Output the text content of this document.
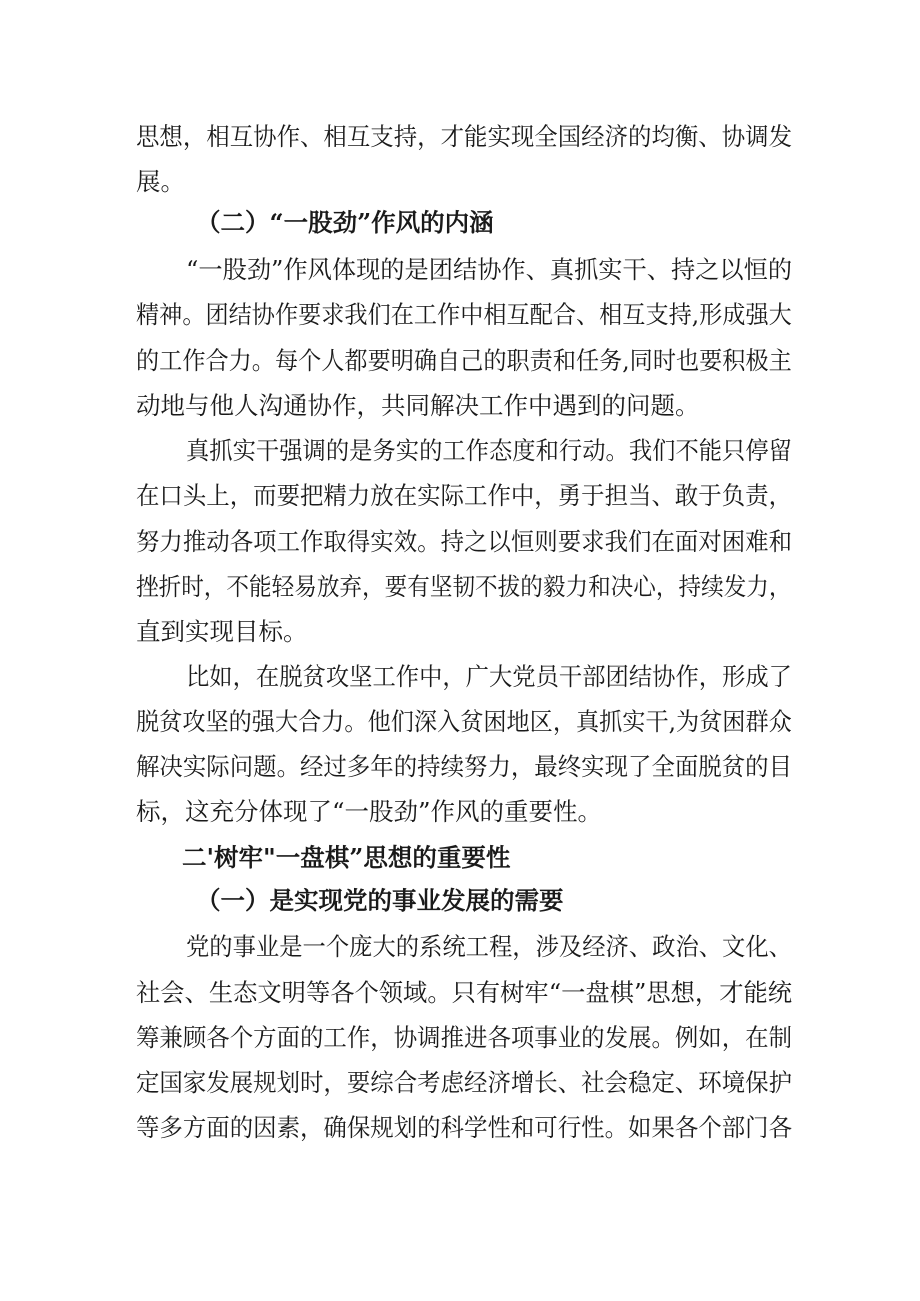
思想，相互协作、相互支持，才能实现全国经济的均衡、协调发
展。
（二）“一股劲”作风的内涵
“一股劲”作风体现的是团结协作、真抓实干、持之以恒的
精神。团结协作要求我们在工作中相互配合、相互支持,形成强大
的工作合力。每个人都要明确自己的职责和任务,同时也要积极主
动地与他人沟通协作，共同解决工作中遇到的问题。
真抓实干强调的是务实的工作态度和行动。我们不能只停留
在口头上，而要把精力放在实际工作中，勇于担当、敢于负责，
努力推动各项工作取得实效。持之以恒则要求我们在面对困难和
挫折时，不能轻易放弃，要有坚韧不拔的毅力和决心，持续发力，
直到实现目标。
比如，在脱贫攻坚工作中，广大党员干部团结协作，形成了
脱贫攻坚的强大合力。他们深入贫困地区，真抓实干,为贫困群众
解决实际问题。经过多年的持续努力，最终实现了全面脱贫的目
标，这充分体现了“一股劲”作风的重要性。
二'树牢"一盘棋”思想的重要性
（一）是实现党的事业发展的需要
党的事业是一个庞大的系统工程，涉及经济、政治、文化、
社会、生态文明等各个领域。只有树牢“一盘棋”思想，才能统
筹兼顾各个方面的工作，协调推进各项事业的发展。例如，在制
定国家发展规划时，要综合考虑经济增长、社会稳定、环境保护
等多方面的因素，确保规划的科学性和可行性。如果各个部门各
